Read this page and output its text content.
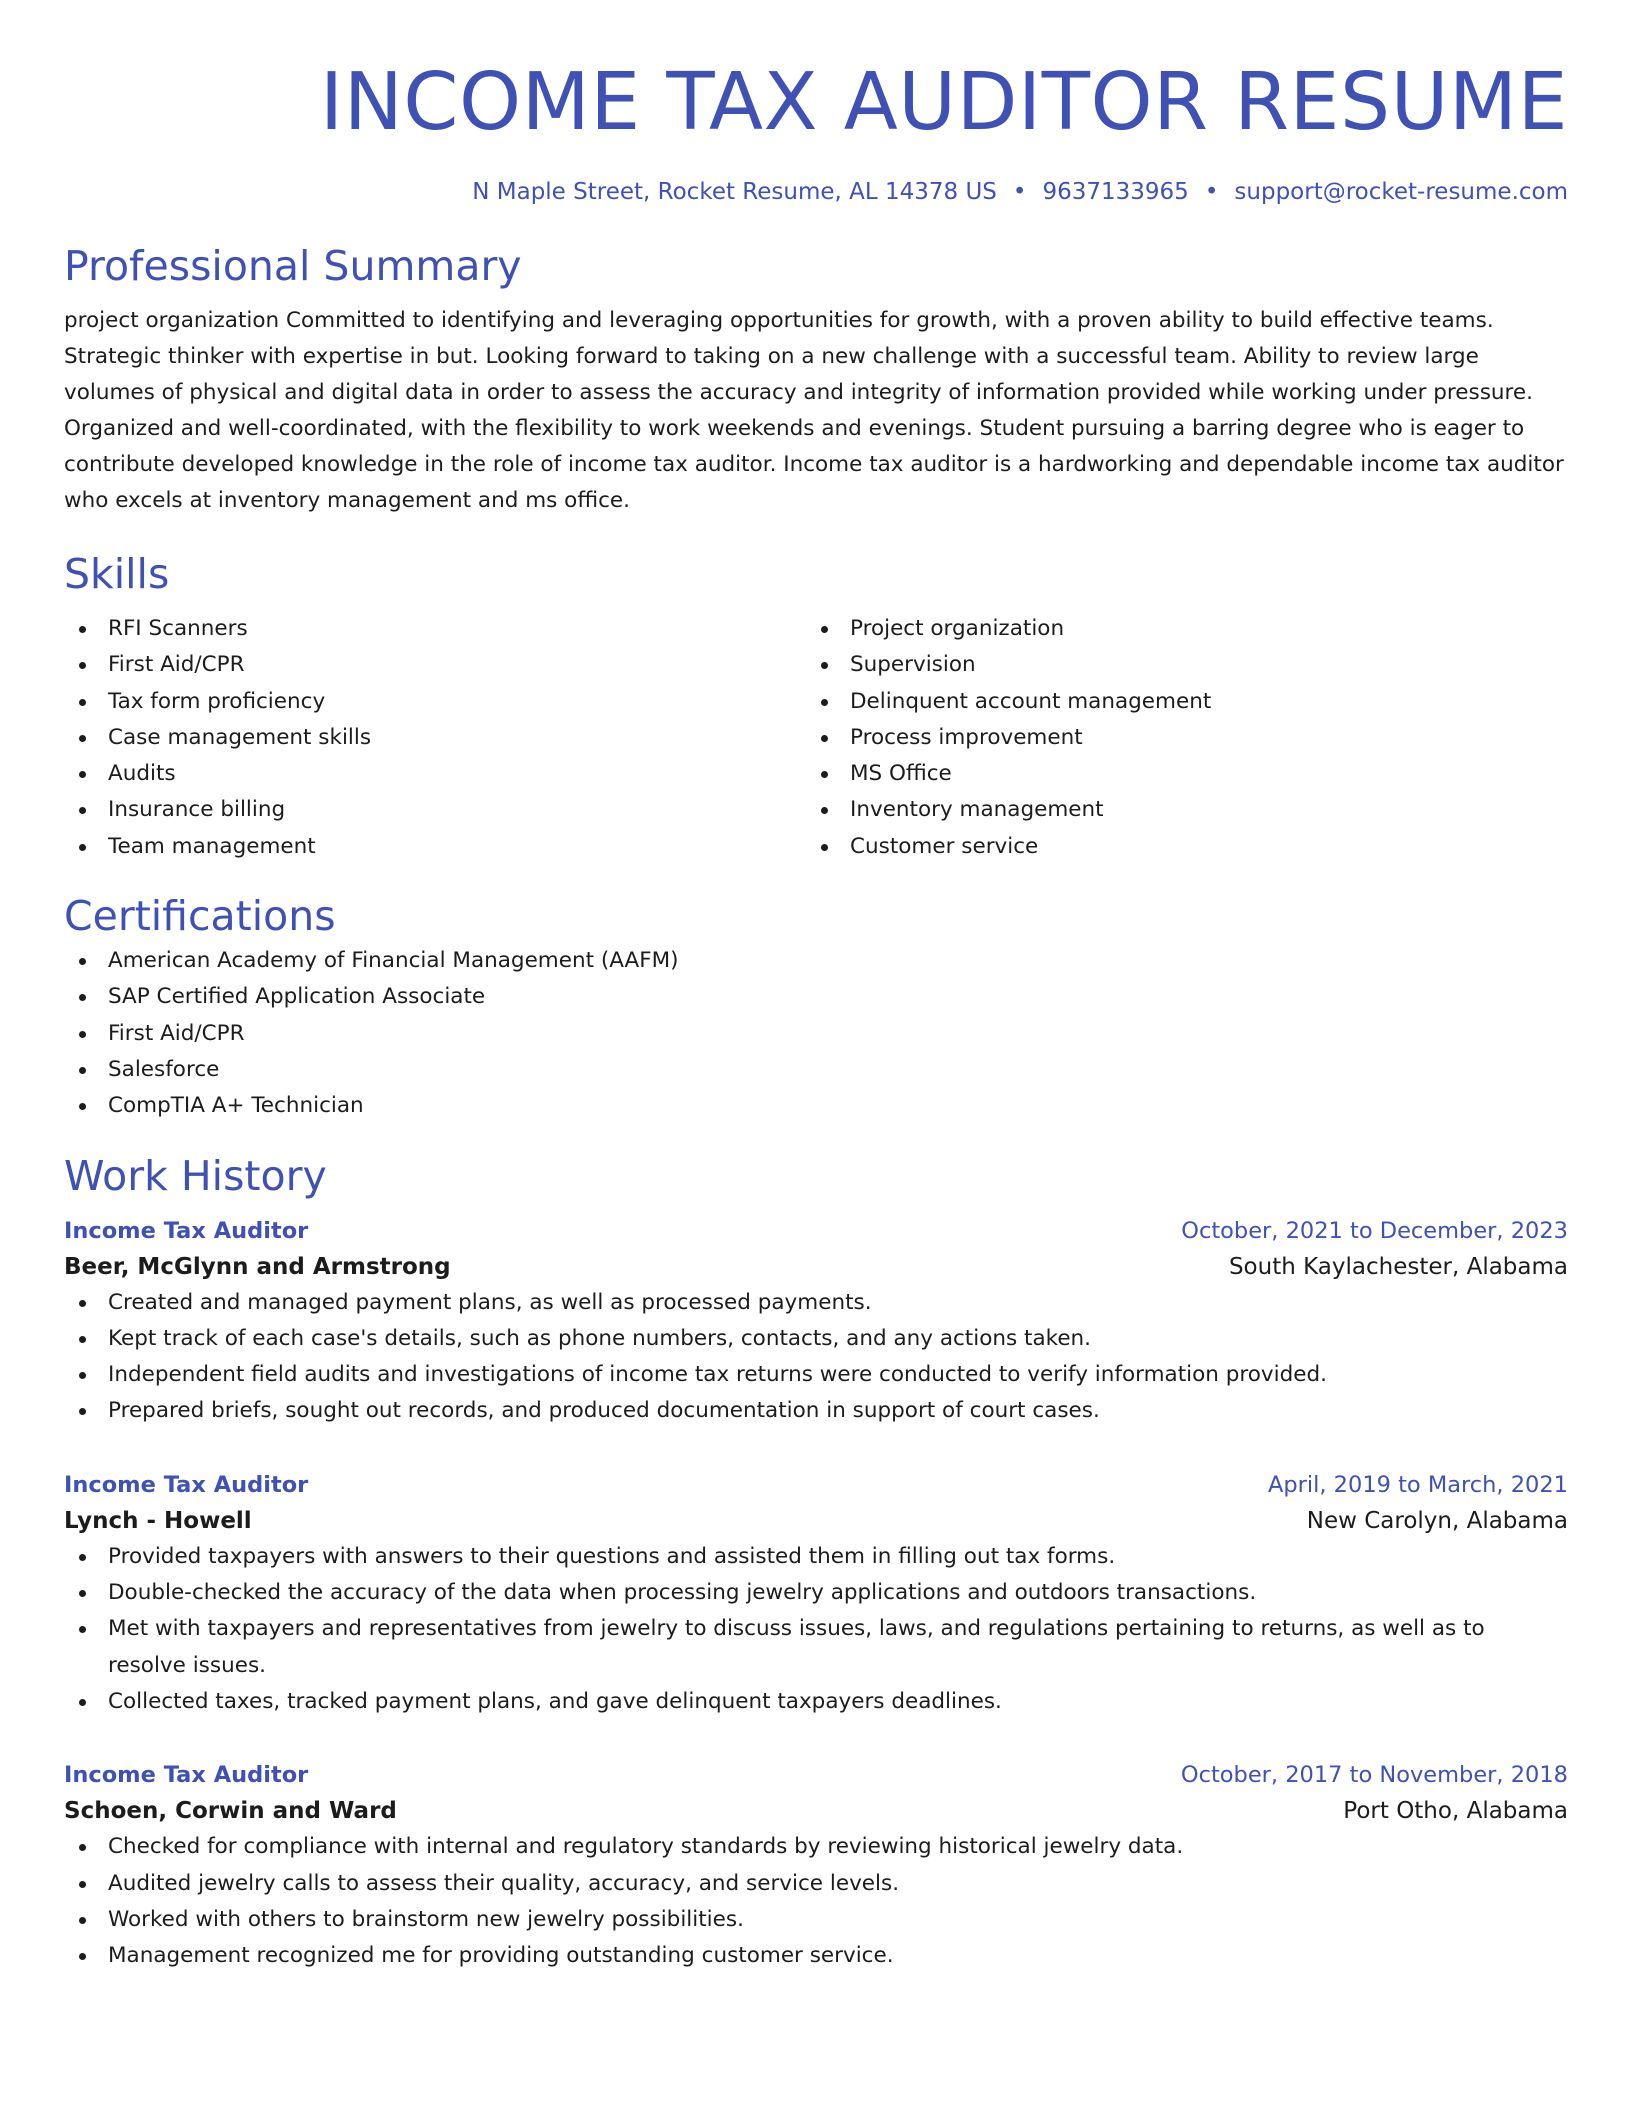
INCOME TAX AUDITOR RESUME
N Maple Street, Rocket Resume, AL 14378 US • 9637133965 • support@rocket-resume.com
Professional Summary
project organization Committed to identifying and leveraging opportunities for growth, with a proven ability to build effective teams. Strategic thinker with expertise in but. Looking forward to taking on a new challenge with a successful team. Ability to review large volumes of physical and digital data in order to assess the accuracy and integrity of information provided while working under pressure. Organized and well-coordinated, with the flexibility to work weekends and evenings. Student pursuing a barring degree who is eager to contribute developed knowledge in the role of income tax auditor. Income tax auditor is a hardworking and dependable income tax auditor who excels at inventory management and ms office.
Skills
RFI Scanners
First Aid/CPR
Tax form proficiency
Case management skills
Audits
Insurance billing
Team management
Project organization
Supervision
Delinquent account management
Process improvement
MS Office
Inventory management
Customer service
Certifications
American Academy of Financial Management (AAFM)
SAP Certified Application Associate
First Aid/CPR
Salesforce
CompTIA A+ Technician
Work History
Income Tax Auditor	October, 2021 to December, 2023
Beer, McGlynn and Armstrong	South Kaylachester, Alabama
Created and managed payment plans, as well as processed payments.
Kept track of each case's details, such as phone numbers, contacts, and any actions taken.
Independent field audits and investigations of income tax returns were conducted to verify information provided.
Prepared briefs, sought out records, and produced documentation in support of court cases.
Income Tax Auditor	April, 2019 to March, 2021
Lynch - Howell	New Carolyn, Alabama
Provided taxpayers with answers to their questions and assisted them in filling out tax forms.
Double-checked the accuracy of the data when processing jewelry applications and outdoors transactions.
Met with taxpayers and representatives from jewelry to discuss issues, laws, and regulations pertaining to returns, as well as to resolve issues.
Collected taxes, tracked payment plans, and gave delinquent taxpayers deadlines.
Income Tax Auditor	October, 2017 to November, 2018
Schoen, Corwin and Ward	Port Otho, Alabama
Checked for compliance with internal and regulatory standards by reviewing historical jewelry data.
Audited jewelry calls to assess their quality, accuracy, and service levels.
Worked with others to brainstorm new jewelry possibilities.
Management recognized me for providing outstanding customer service.
